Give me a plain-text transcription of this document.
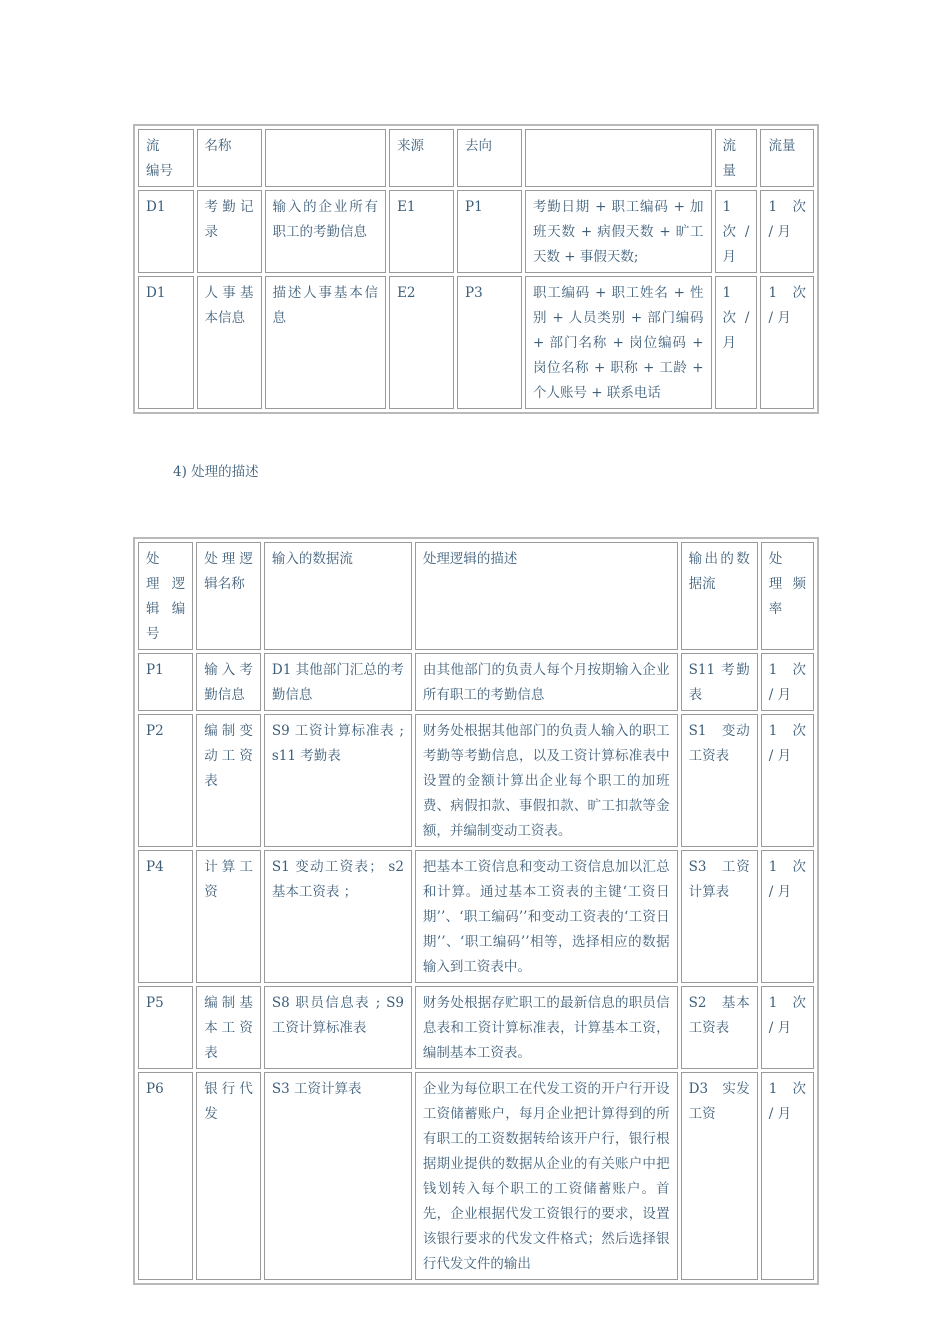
流　编号	名称		来源	去向		流量	流量
D1	考勤记录	输入的企业所有职工的考勤信息	E1	P1	考勤日期 + 职工编码 + 加班天数 + 病假天数 + 旷工天数 + 事假天数;	1　次 / 月	1　次 / 月
D1	人事基本信息	描述人事基本信息	E2	P3	职工编码 + 职工姓名 + 性别 + 人员类别 + 部门编码 + 部门名称 + 岗位编码 + 岗位名称 + 职称 + 工龄 + 个人账号 + 联系电话	1　次 / 月	1　次 / 月
4) 处理的描述
处　理逻　辑编号	处理逻辑名称	输入的数据流	处理逻辑的描述	输出的数据流	处　理频率
P1	输入考勤信息	D1 其他部门汇总的考勤信息	由其他部门的负责人每个月按期输入企业所有职工的考勤信息	S11 考勤表	1　次 / 月
P2	编制变动工资表	S9 工资计算标准表 ;s11 考勤表	财务处根据其他部门的负责人输入的职工考勤等考勤信息，以及工资计算标准表中设置的金额计算出企业每个职工的加班费、病假扣款、事假扣款、旷工扣款等金额，并编制变动工资表。	S1　变动工资表	1　次 / 月
P4	计算工资	S1 变动工资表； s2 基本工资表 ；	把基本工资信息和变动工资信息加以汇总和计算。通过基本工资表的主键‘工资日期’’、‘职工编码’’和变动工资表的‘工资日期’’、‘职工编码’’相等，选择相应的数据输入到工资表中。	S3　工资计算表	1　次 / 月
P5	编制基本工资表	S8 职员信息表 ; S9 工资计算标准表	财务处根据存贮职工的最新信息的职员信息表和工资计算标准表，计算基本工资，编制基本工资表。	S2　基本工资表	1　次 / 月
P6	银行代发	S3 工资计算表	企业为每位职工在代发工资的开户行开设工资储蓄账户，每月企业把计算得到的所有职工的工资数据转给该开户行，银行根据期业提供的数据从企业的有关账户中把钱划转入每个职工的工资储蓄账户。首先，企业根据代发工资银行的要求，设置该银行要求的代发文件格式；然后选择银行代发文件的输出	D3　实发工资	1　次 / 月
